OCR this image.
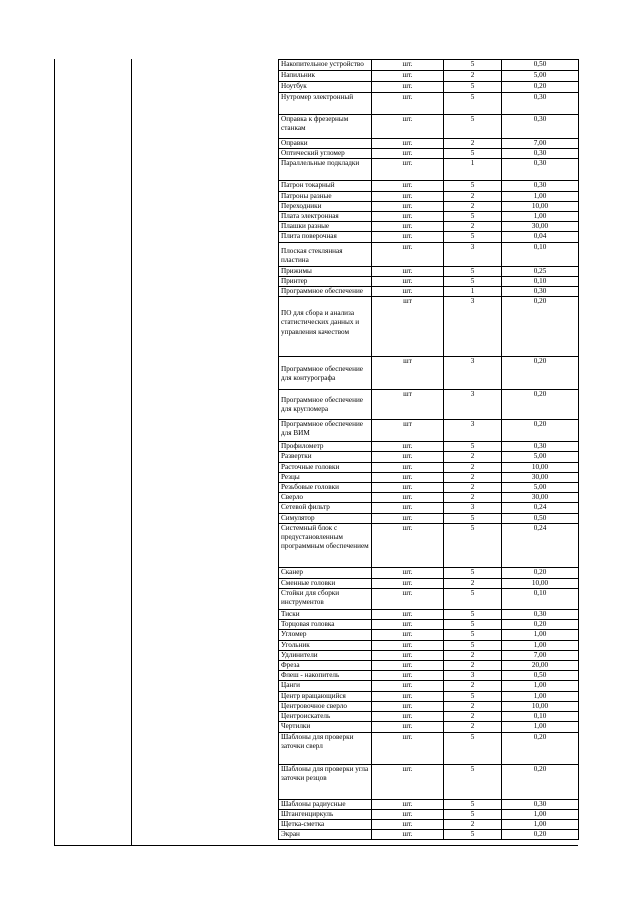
Накопительное устройство	шт.	5	0,50
Напильник	шт.	2	5,00
Ноутбук	шт.	5	0,20
Нутромер электронный	шт.	5	0,30
Оправка к фрезерным станкам	шт.	5	0,30
Оправки	шт.	2	7,00
Оптический угломер	шт.	5	0,30
Параллельные подкладки	шт.	1	0,30
Патрон токарный	шт.	5	0,30
Патроны разные	шт.	2	1,00
Переходники	шт.	2	10,00
Плата электронная	шт.	5	1,00
Плашки разные	шт.	2	30,00
Плита поверочная	шт.	5	0,04
Плоская стеклянная пластина	шт.	3	0,10
Прижимы	шт.	5	0,25
Принтер	шт.	5	0,10
Программное обеспечение	шт.	1	0,30
ПО для сбора и анализа статистических данных и управления качеством	шт	3	0,20
Программное обеспечение для контурографа	шт	3	0,20
Программное обеспечение для кругломера	шт	3	0,20
Программное обеспечение для ВИМ	шт	3	0,20
Профилометр	шт.	5	0,30
Развертки	шт.	2	5,00
Расточные головки	шт.	2	10,00
Резцы	шт.	2	30,00
Резьбовые головки	шт.	2	5,00
Сверло	шт.	2	30,00
Сетевой фильтр	шт.	3	0,24
Симулятор	шт.	5	0,50
Системный блок с предустановленным программным обеспечением	шт.	5	0,24
Сканер	шт.	5	0,20
Сменные головки	шт.	2	10,00
Стойки для сборки инструментов	шт.	5	0,10
Тиски	шт.	5	0,30
Торцовая головка	шт.	5	0,20
Угломер	шт.	5	1,00
Угольник	шт.	5	1,00
Удлинители	шт.	2	7,00
Фреза	шт.	2	20,00
Флеш - накопитель	шт.	3	0,50
Цанги	шт.	2	1,00
Центр вращающийся	шт.	5	1,00
Центровочное сверло	шт.	2	10,00
Центроискатель	шт.	2	0,10
Чертилки	шт.	2	1,00
Шаблоны для проверки заточки сверл	шт.	5	0,20
Шаблоны для проверки угла заточки резцов	шт.	5	0,20
Шаблоны радиусные	шт.	5	0,30
Штангенциркуль	шт.	5	1,00
Щетка-сметка	шт.	2	1,00
Экран	шт.	5	0,20
